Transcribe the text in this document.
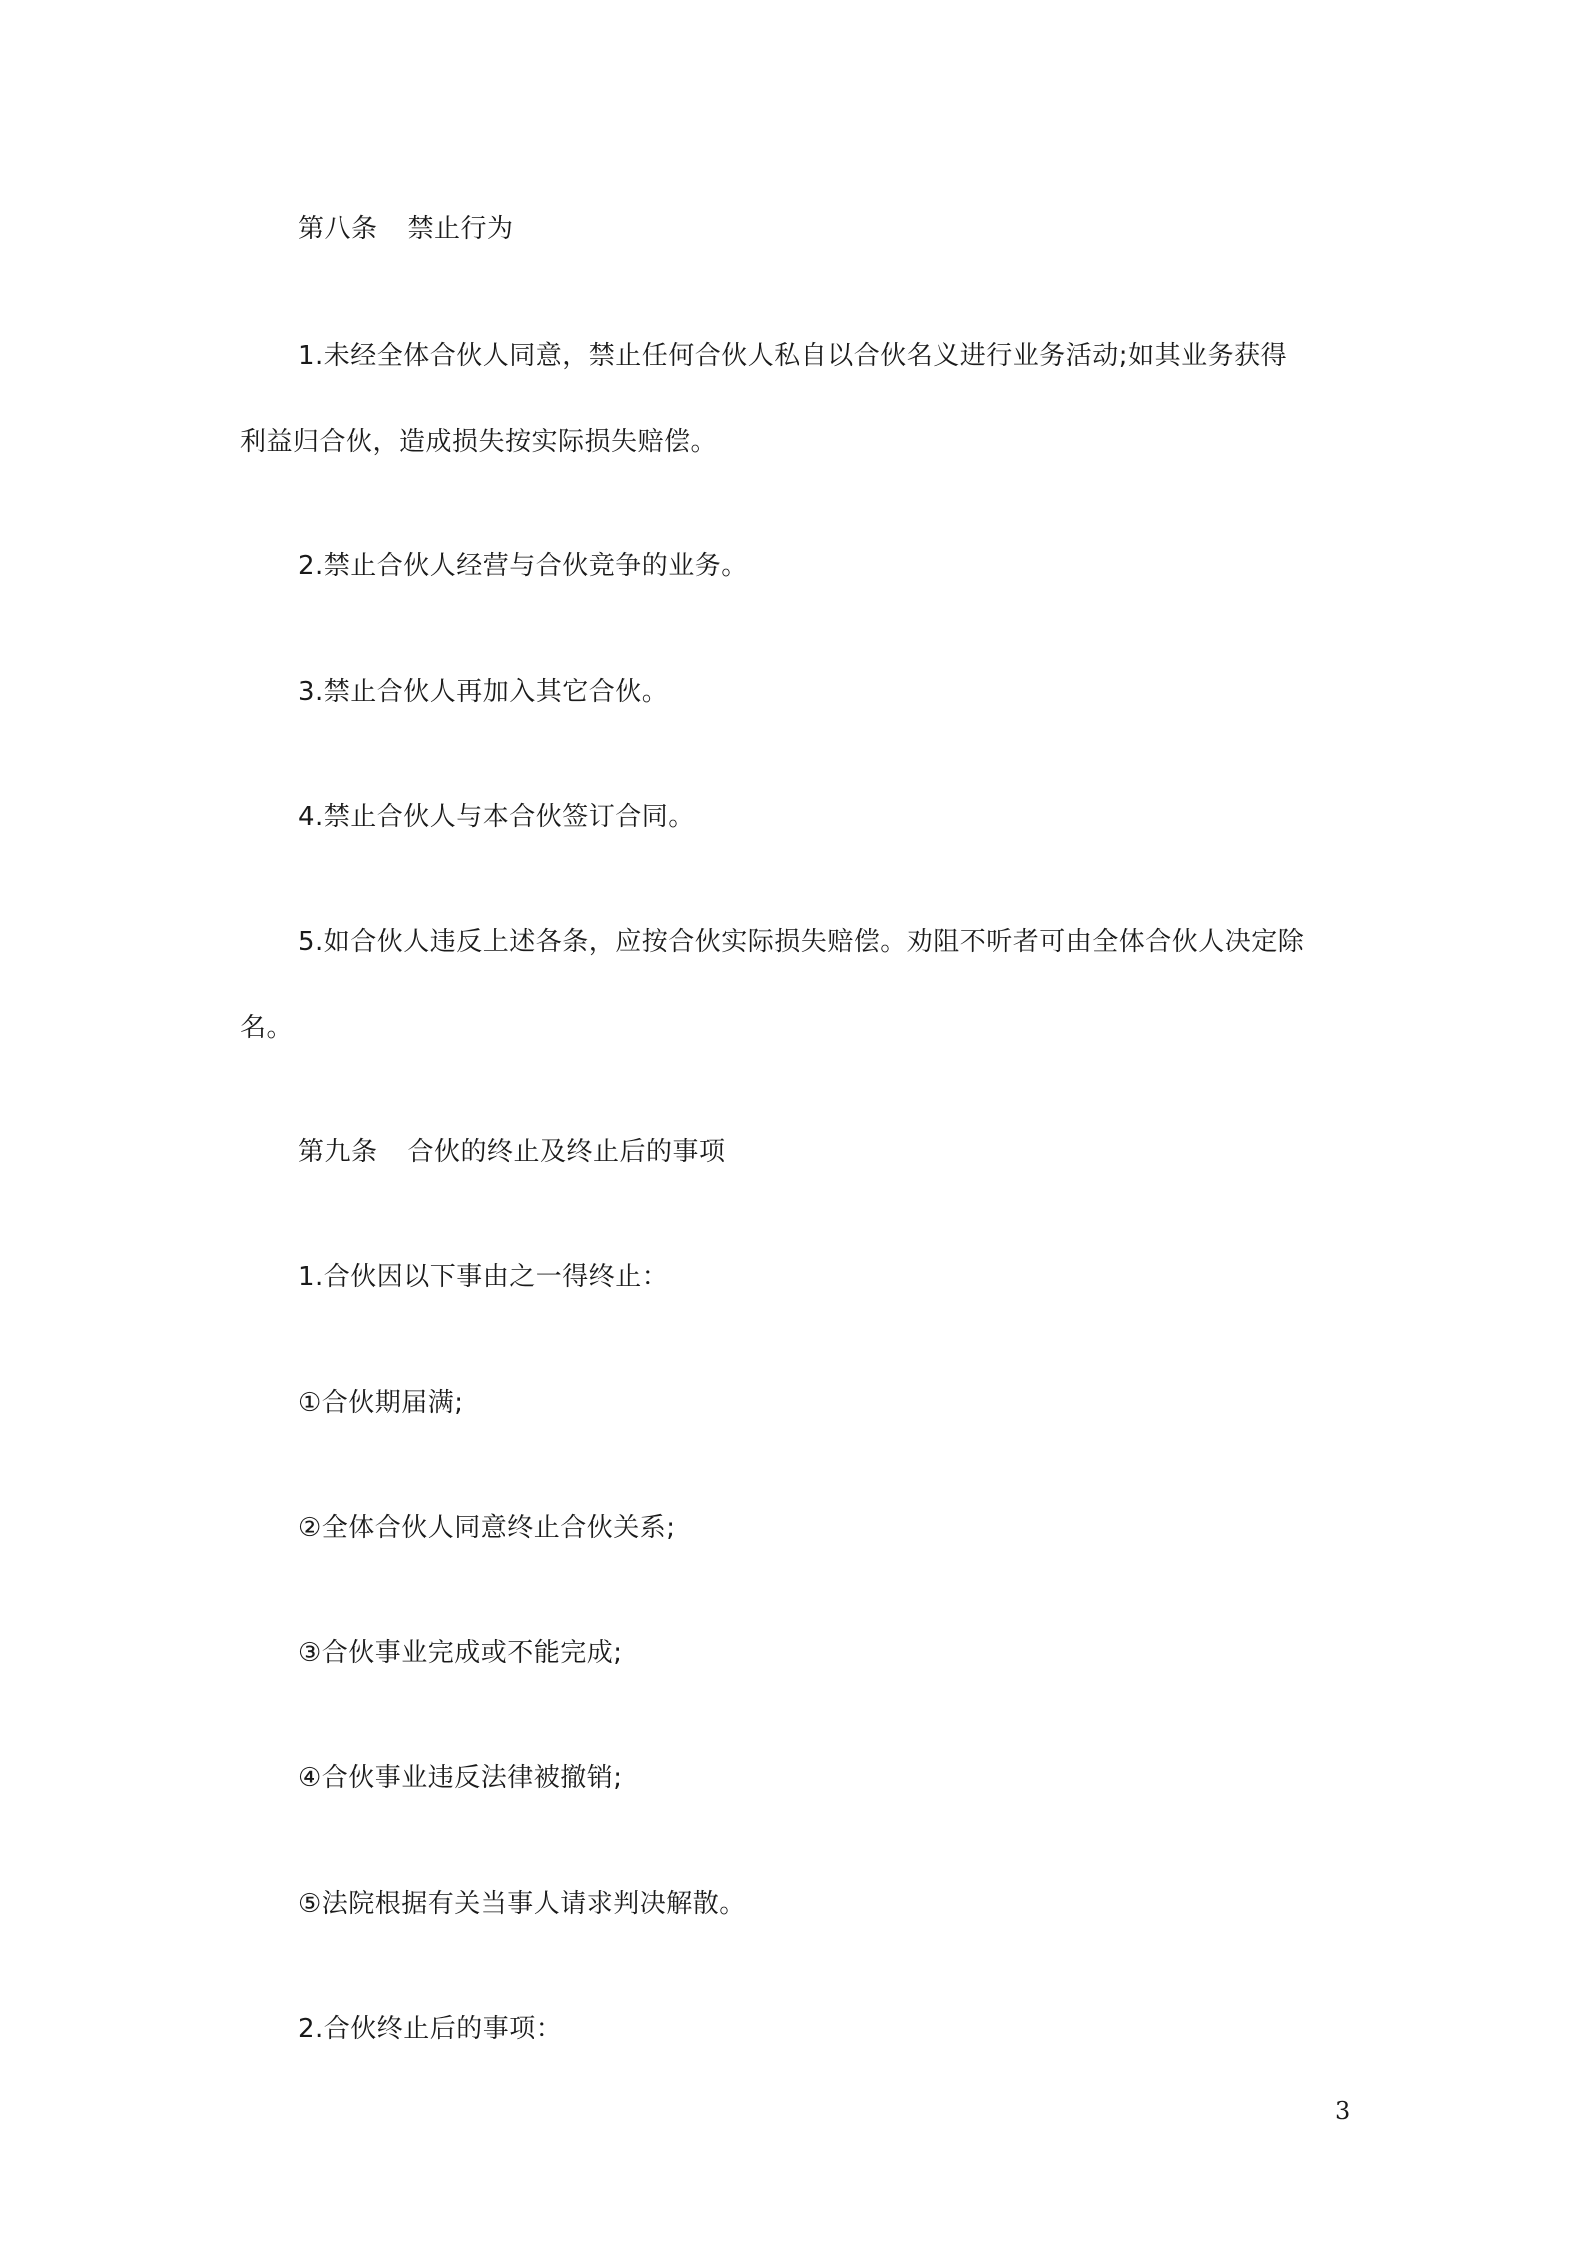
第八条 禁止行为
1.未经全体合伙人同意，禁止任何合伙人私自以合伙名义进行业务活动;如其业务获得
利益归合伙，造成损失按实际损失赔偿。
2.禁止合伙人经营与合伙竞争的业务。
3.禁止合伙人再加入其它合伙。
4.禁止合伙人与本合伙签订合同。
5.如合伙人违反上述各条，应按合伙实际损失赔偿。劝阻不听者可由全体合伙人决定除
名。
第九条 合伙的终止及终止后的事项
1.合伙因以下事由之一得终止：
①合伙期届满;
②全体合伙人同意终止合伙关系;
③合伙事业完成或不能完成;
④合伙事业违反法律被撤销;
⑤法院根据有关当事人请求判决解散。
2.合伙终止后的事项：
3
